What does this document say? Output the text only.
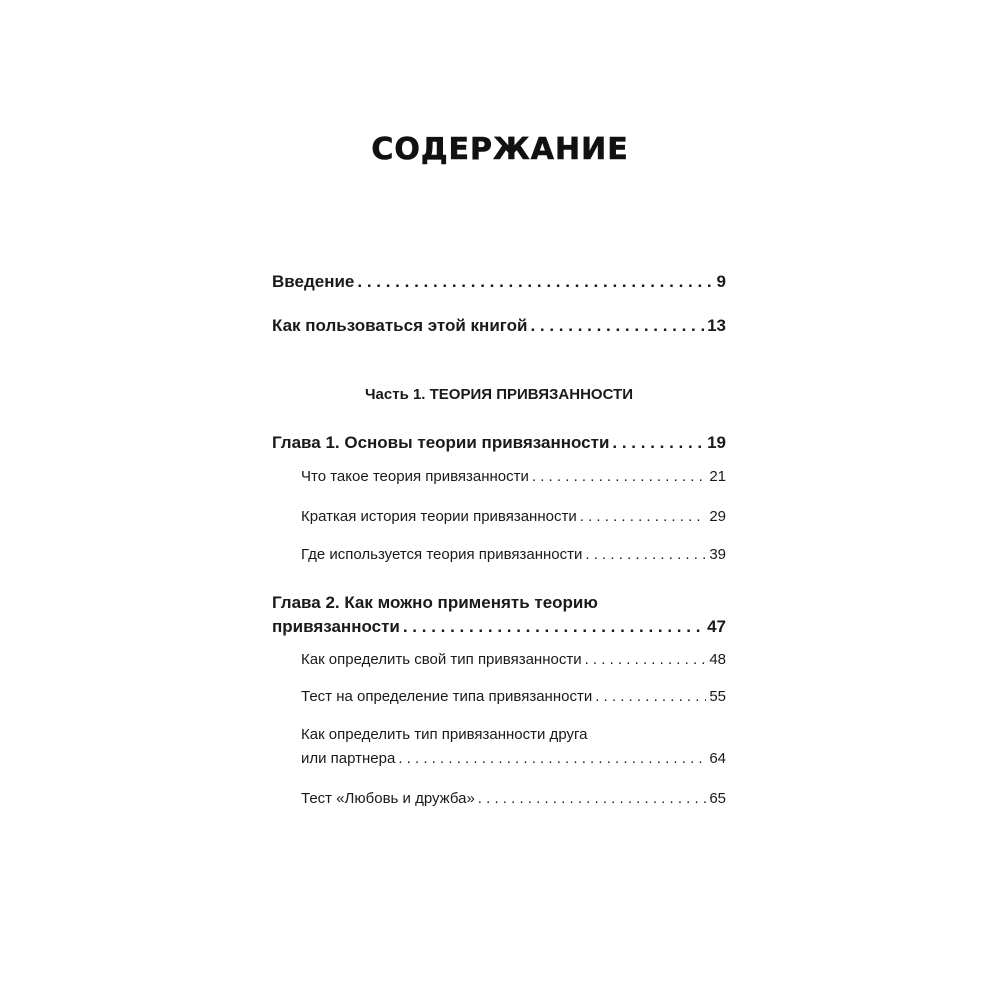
СОДЕРЖАНИЕ
Введение . . .	9
Как пользоваться этой книгой . . .	13
Часть 1. ТЕОРИЯ ПРИВЯЗАННОСТИ
Глава 1. Основы теории привязанности . . .	19
Что такое теория привязанности . . .	21
Краткая история теории привязанности . . .	29
Где используется теория привязанности . . .	39
Глава 2. Как можно применять теорию
привязанности . . .	47
Как определить свой тип привязанности . . .	48
Тест на определение типа привязанности . . .	55
Как определить тип привязанности друга
или партнера . . .	64
Тест «Любовь и дружба» . . .	65
